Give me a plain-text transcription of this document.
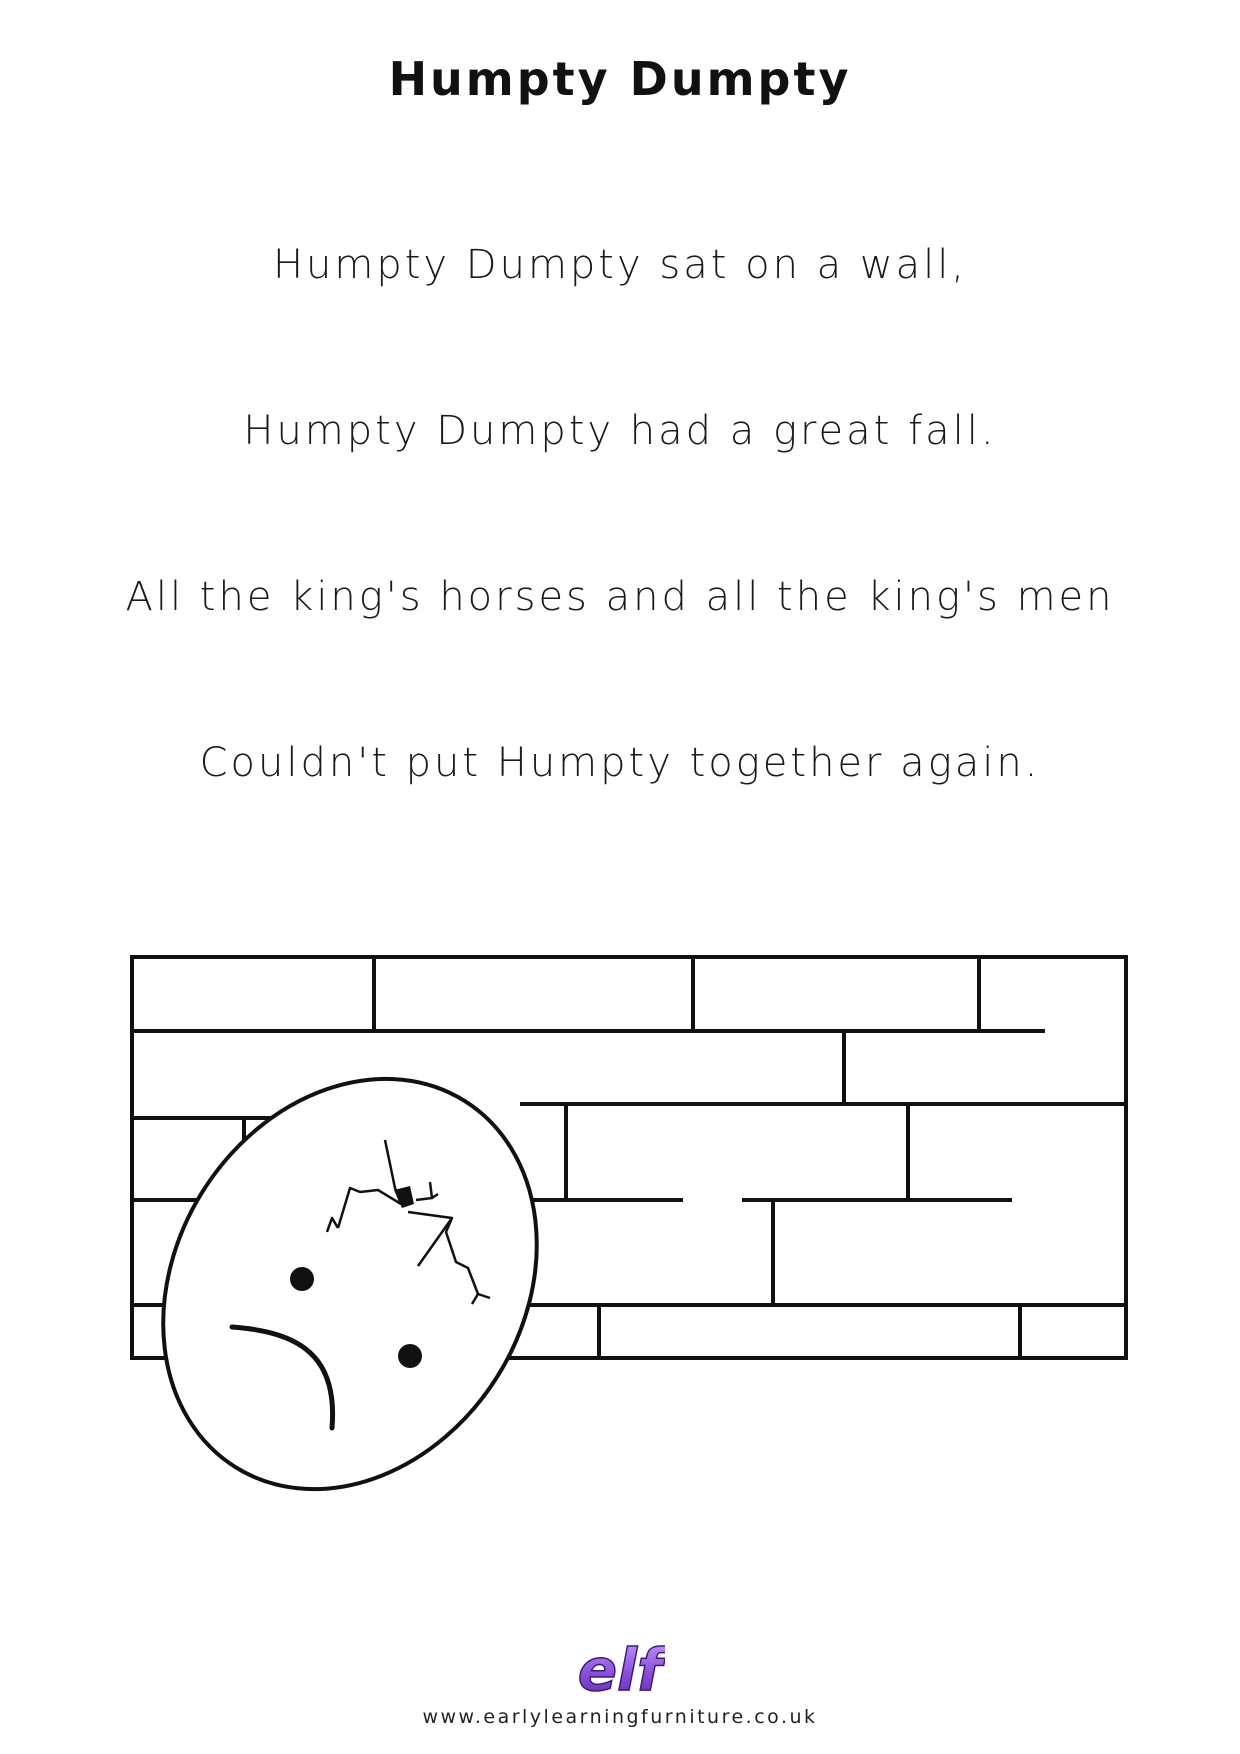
Humpty Dumpty

Humpty Dumpty sat on a wall,

Humpty Dumpty had a great fall.

All the king's horses and all the king's men

Couldn't put Humpty together again.

elf

www.earlylearningfurniture.co.uk
